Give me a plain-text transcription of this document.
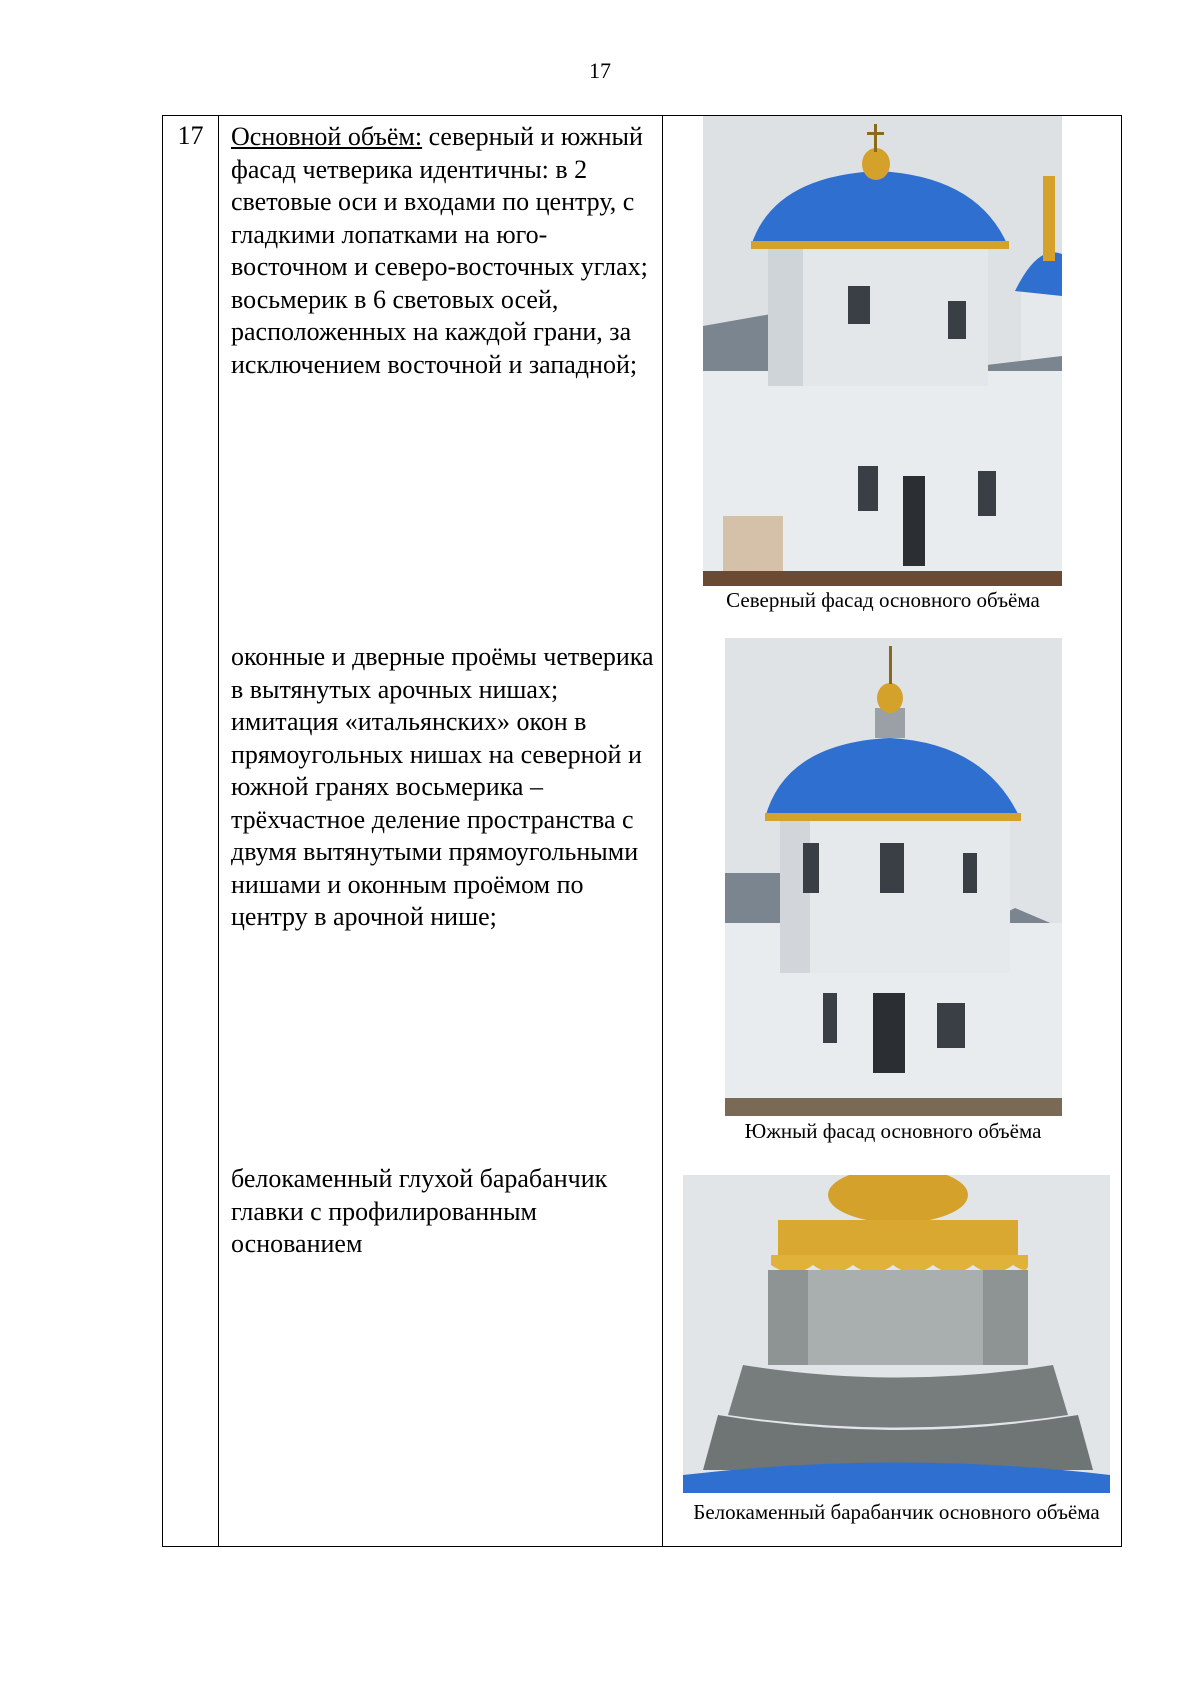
17
17	Основной объём: северный и южный фасад четверика идентичны: в 2 световые оси и входами по центру, с гладкими лопатками на юго-восточном и северо-восточных углах; восьмерик в 6 световых осей, расположенных на каждой грани, за исключением восточной и западной;
оконные и дверные проёмы четверика в вытянутых арочных нишах; имитация «итальянских» окон в прямоугольных нишах на северной и южной гранях восьмерика – трёхчастное деление пространства с двумя вытянутыми прямоугольными нишами и оконным проёмом по центру в арочной нише;
белокаменный глухой барабанчик главки с профилированным основанием
Северный фасад основного объёма
Южный фасад основного объёма
Белокаменный барабанчик основного объёма
